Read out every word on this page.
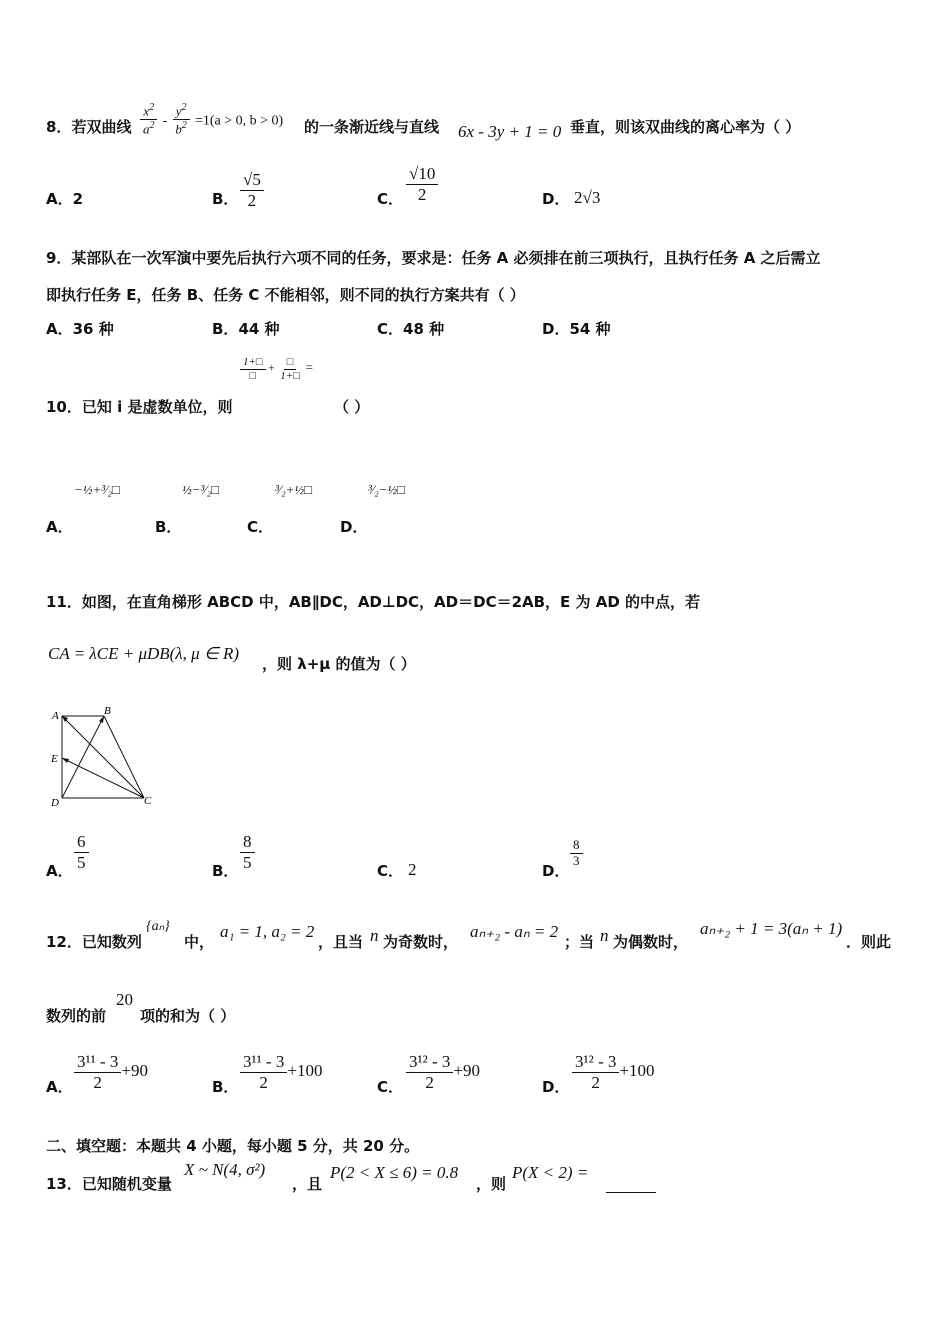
8．若双曲线 $\frac{x^2}{a^2} - \frac{y^2}{b^2} =1(a > 0$, b > 0) 的一条渐近线与直线 6x - 3y + 1 = 0 垂直，则该双曲线的离心率为（ ）
A．2	B． $\frac{√5}{2}$	C． $\frac{√10}{2}$	D． 2√3
9．某部队在一次军演中要先后执行六项不同的任务，要求是：任务 A 必须排在前三项执行，且执行任务 A 之后需立
即执行任务 E，任务 B、任务 C 不能相邻，则不同的执行方案共有（ ）
A．36 种	B．44 种	C．48 种	D．54 种
$\frac{1+□}{□} + \frac{□}{1+□}$ =
10．已知 i 是虚数单位，则	（ ）
−½+³⁄₂□	½−³⁄₂□	³⁄₂+½□	³⁄₂−½□
A．	B．	C．	D．
11．如图，在直角梯形 ABCD 中，AB∥DC，AD⊥DC，AD＝DC＝2AB，E 为 AD 的中点，若
CA = λCE + μDB(λ, μ ∈ R)
，则 λ+μ 的值为（ ）
A	B
E
D	C
A． $\frac{6}{5}$	B． $\frac{8}{5}$	C． 2	D．
$\frac{8}{3}$
12．已知数列
{aₙ}
中，
a₁ = 1, a₂ = 2
，且当 n 为奇数时，
aₙ₊₂ - aₙ = 2
；当 n 为偶数时，
aₙ₊₂ + 1 = 3(aₙ + 1)
．则此
数列的前
20
项的和为（ ）
A． $\frac{\text{3¹¹ - 3}}{2} +90$
B． $\frac{\text{3¹¹ - 3}}{2} +100$
C． $\frac{\text{3¹² - 3}}{2} +90$
D． $\frac{\text{3¹² - 3}}{2} +100$
二、填空题：本题共 4 小题，每小题 5 分，共 20 分。
13．已知随机变量
X ~ N(4, σ²)
，且
P(2 < X ≤ 6) = 0.8
，则
P(X < 2) =
